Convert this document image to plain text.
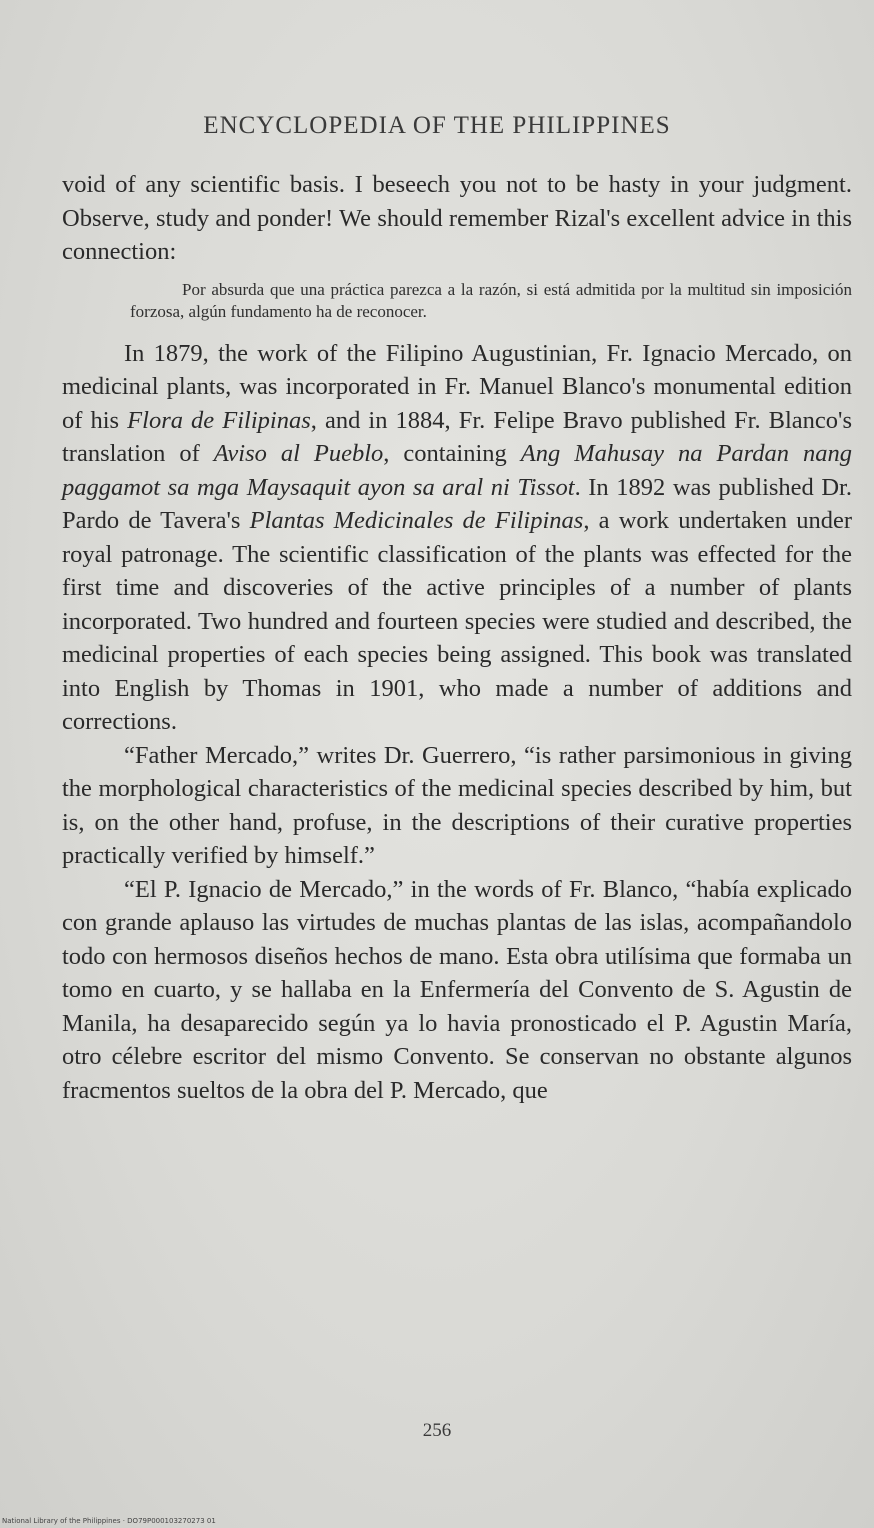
ENCYCLOPEDIA OF THE PHILIPPINES

void of any scientific basis. I beseech you not to be hasty in your judgment. Observe, study and ponder! We should remember Rizal's excellent advice in this connection:

Por absurda que una práctica parezca a la razón, si está admitida por la multitud sin imposición forzosa, algún fundamento ha de reconocer.

In 1879, the work of the Filipino Augustinian, Fr. Ignacio Mercado, on medicinal plants, was incorporated in Fr. Manuel Blanco's monumental edition of his Flora de Filipinas, and in 1884, Fr. Felipe Bravo published Fr. Blanco's translation of Aviso al Pueblo, containing Ang Mahusay na Pardan nang paggamot sa mga Maysaquit ayon sa aral ni Tissot. In 1892 was published Dr. Pardo de Tavera's Plantas Medicinales de Filipinas, a work undertaken under royal patronage. The scientific classification of the plants was effected for the first time and discoveries of the active principles of a number of plants incorporated. Two hundred and fourteen species were studied and described, the medicinal properties of each species being assigned. This book was translated into English by Thomas in 1901, who made a number of additions and corrections.

“Father Mercado,” writes Dr. Guerrero, “is rather parsimonious in giving the morphological characteristics of the medicinal species described by him, but is, on the other hand, profuse, in the descriptions of their curative properties practically verified by himself.”

“El P. Ignacio de Mercado,” in the words of Fr. Blanco, “había explicado con grande aplauso las virtudes de muchas plantas de las islas, acompañandolo todo con hermosos diseños hechos de mano. Esta obra utilísima que formaba un tomo en cuarto, y se hallaba en la Enfermería del Convento de S. Agustin de Manila, ha desaparecido según ya lo havia pronosticado el P. Agustin María, otro célebre escritor del mismo Convento. Se conservan no obstante algunos fracmentos sueltos de la obra del P. Mercado, que

256
National Library of the Philippines · DO79P000103270273 01
